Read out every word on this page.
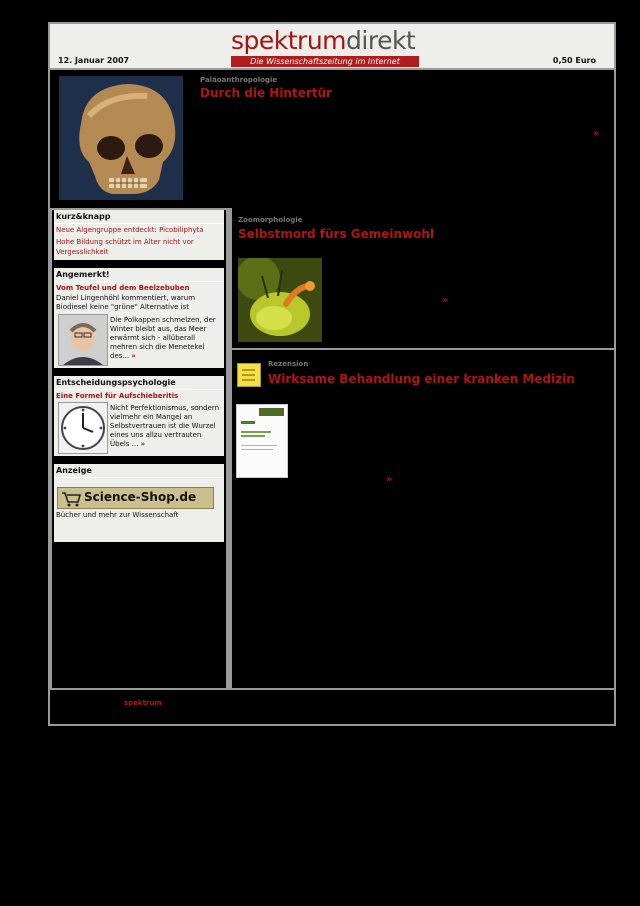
12. Januar 2007
spektrumdirekt
Die Wissenschaftszeitung im Internet	0,50 Euro
Paläoanthropologie
Durch die Hintertür
»
kurz&knapp
Neue Algengruppe entdeckt: Picobiliphyta
Hohe Bildung schützt im Alter nicht vor Vergesslichkeit
Angemerkt!
Vom Teufel und dem Beelzebuben
Daniel Lingenhöhl kommentiert, warum Biodiesel keine "grüne" Alternative ist
Die Polkappen schmelzen, der Winter bleibt aus, das Meer erwärmt sich - allüberall mehren sich die Menetekel des... »
Entscheidungspsychologie
Eine Formel für Aufschieberitis
Nicht Perfektionismus, sondern vielmehr ein Mangel an Selbstvertrauen ist die Wurzel eines uns allzu vertrauten Übels ... »
Anzeige
Science-Shop.de
Bücher und mehr zur Wissenschaft
Zoomorphologie
Selbstmord fürs Gemeinwohl
»
Rezension
Wirksame Behandlung einer kranken Medizin
»
spektrum
